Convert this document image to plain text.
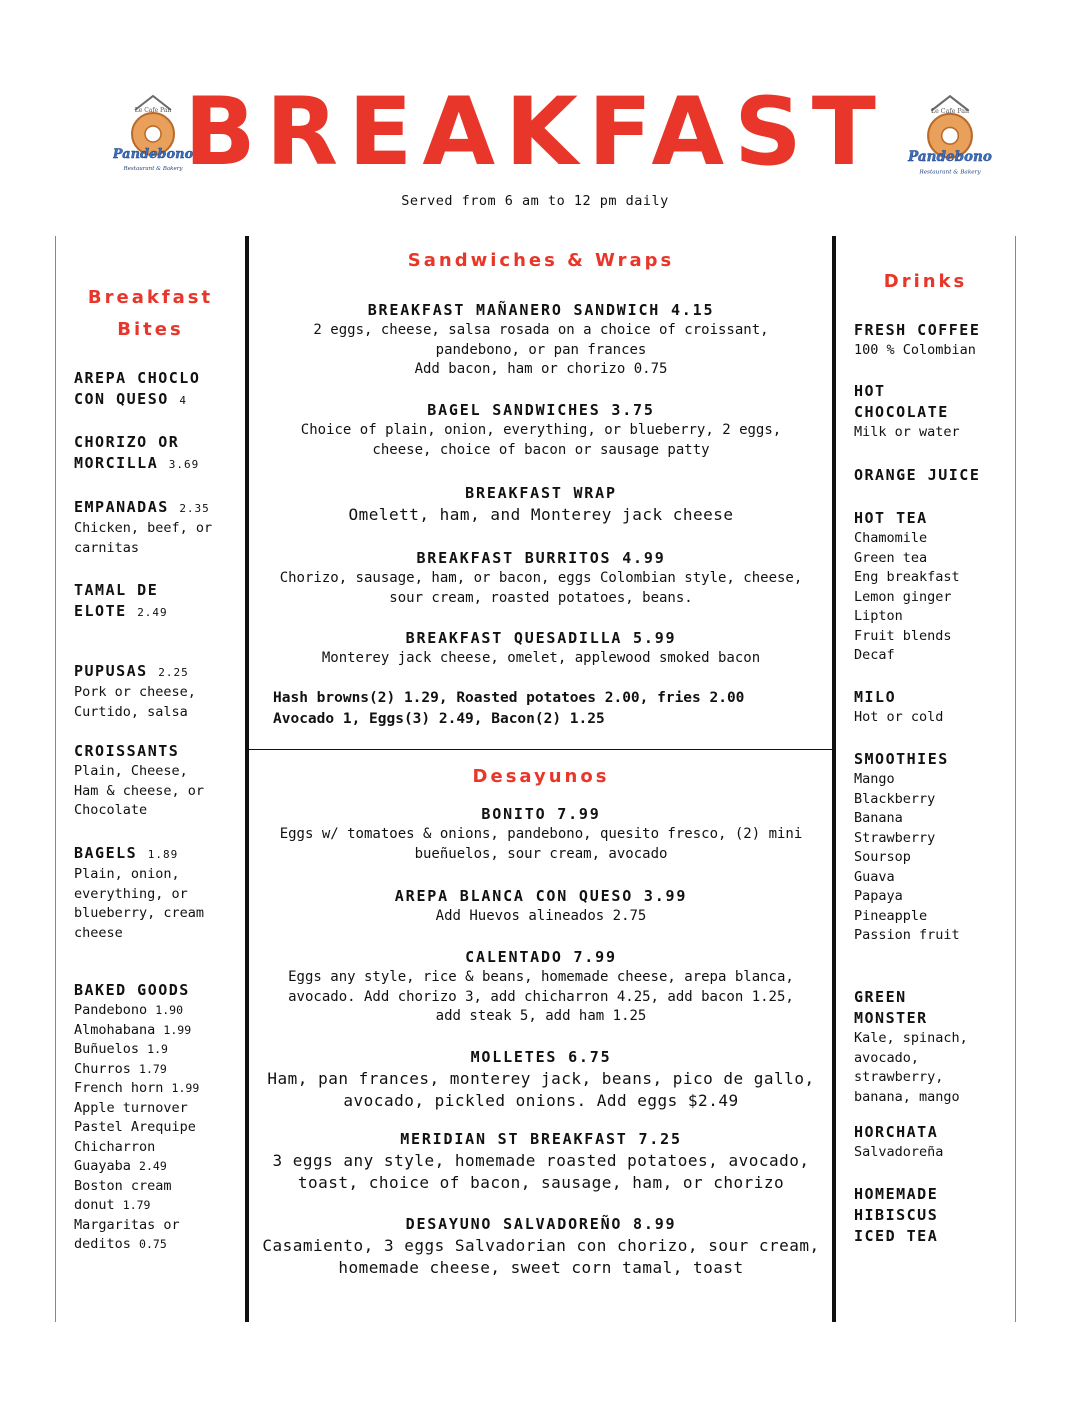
Le Cafe Pan
Pandebono
Restaurant & Bakery
Le Cafe Pan
Pandebono
Restaurant & Bakery
BREAKFAST
Served from 6 am to 12 pm daily
Breakfast
Bites
AREPA CHOCLO
CON QUESO 4
CHORIZO OR
MORCILLA 3.69
EMPANADAS 2.35
Chicken, beef, or
carnitas
TAMAL DE
ELOTE 2.49
PUPUSAS 2.25
Pork or cheese,
Curtido, salsa
CROISSANTS
Plain, Cheese,
Ham & cheese, or
Chocolate
BAGELS 1.89
Plain, onion,
everything, or
blueberry, cream
cheese
BAKED GOODS
Pandebono 1.90
Almohabana 1.99
Buñuelos 1.9
Churros 1.79
French horn 1.99
Apple turnover
Pastel Arequipe
Chicharron
Guayaba 2.49
Boston cream
donut 1.79
Margaritas or
deditos 0.75
Sandwiches & Wraps
BREAKFAST MAÑANERO SANDWICH 4.15
2 eggs, cheese, salsa rosada on a choice of croissant,
pandebono, or pan frances
Add bacon, ham or chorizo 0.75
BAGEL SANDWICHES 3.75
Choice of plain, onion, everything, or blueberry, 2 eggs,
cheese, choice of bacon or sausage patty
BREAKFAST WRAP
Omelett, ham, and Monterey jack cheese
BREAKFAST BURRITOS 4.99
Chorizo, sausage, ham, or bacon, eggs Colombian style, cheese,
sour cream, roasted potatoes, beans.
BREAKFAST QUESADILLA 5.99
Monterey jack cheese, omelet, applewood smoked bacon
Hash browns(2) 1.29, Roasted potatoes 2.00, fries 2.00
Avocado 1, Eggs(3) 2.49, Bacon(2) 1.25
Desayunos
BONITO 7.99
Eggs w/ tomatoes & onions, pandebono, quesito fresco, (2) mini
bueñuelos, sour cream, avocado
AREPA BLANCA CON QUESO 3.99
Add Huevos alineados 2.75
CALENTADO 7.99
Eggs any style, rice & beans, homemade cheese, arepa blanca,
avocado. Add chorizo 3, add chicharron 4.25, add bacon 1.25,
add steak 5, add ham 1.25
MOLLETES 6.75
Ham, pan frances, monterey jack, beans, pico de gallo,
avocado, pickled onions. Add eggs $2.49
MERIDIAN ST BREAKFAST 7.25
3 eggs any style, homemade roasted potatoes, avocado,
toast, choice of bacon, sausage, ham, or chorizo
DESAYUNO SALVADOREÑO 8.99
Casamiento, 3 eggs Salvadorian con chorizo, sour cream,
homemade cheese, sweet corn tamal, toast
Drinks
FRESH COFFEE
100 % Colombian
HOT
CHOCOLATE
Milk or water
ORANGE JUICE
HOT TEA
Chamomile
Green tea
Eng breakfast
Lemon ginger
Lipton
Fruit blends
Decaf
MILO
Hot or cold
SMOOTHIES
Mango
Blackberry
Banana
Strawberry
Soursop
Guava
Papaya
Pineapple
Passion fruit
GREEN
MONSTER
Kale, spinach,
avocado,
strawberry,
banana, mango
HORCHATA
Salvadoreña
HOMEMADE
HIBISCUS
ICED TEA
